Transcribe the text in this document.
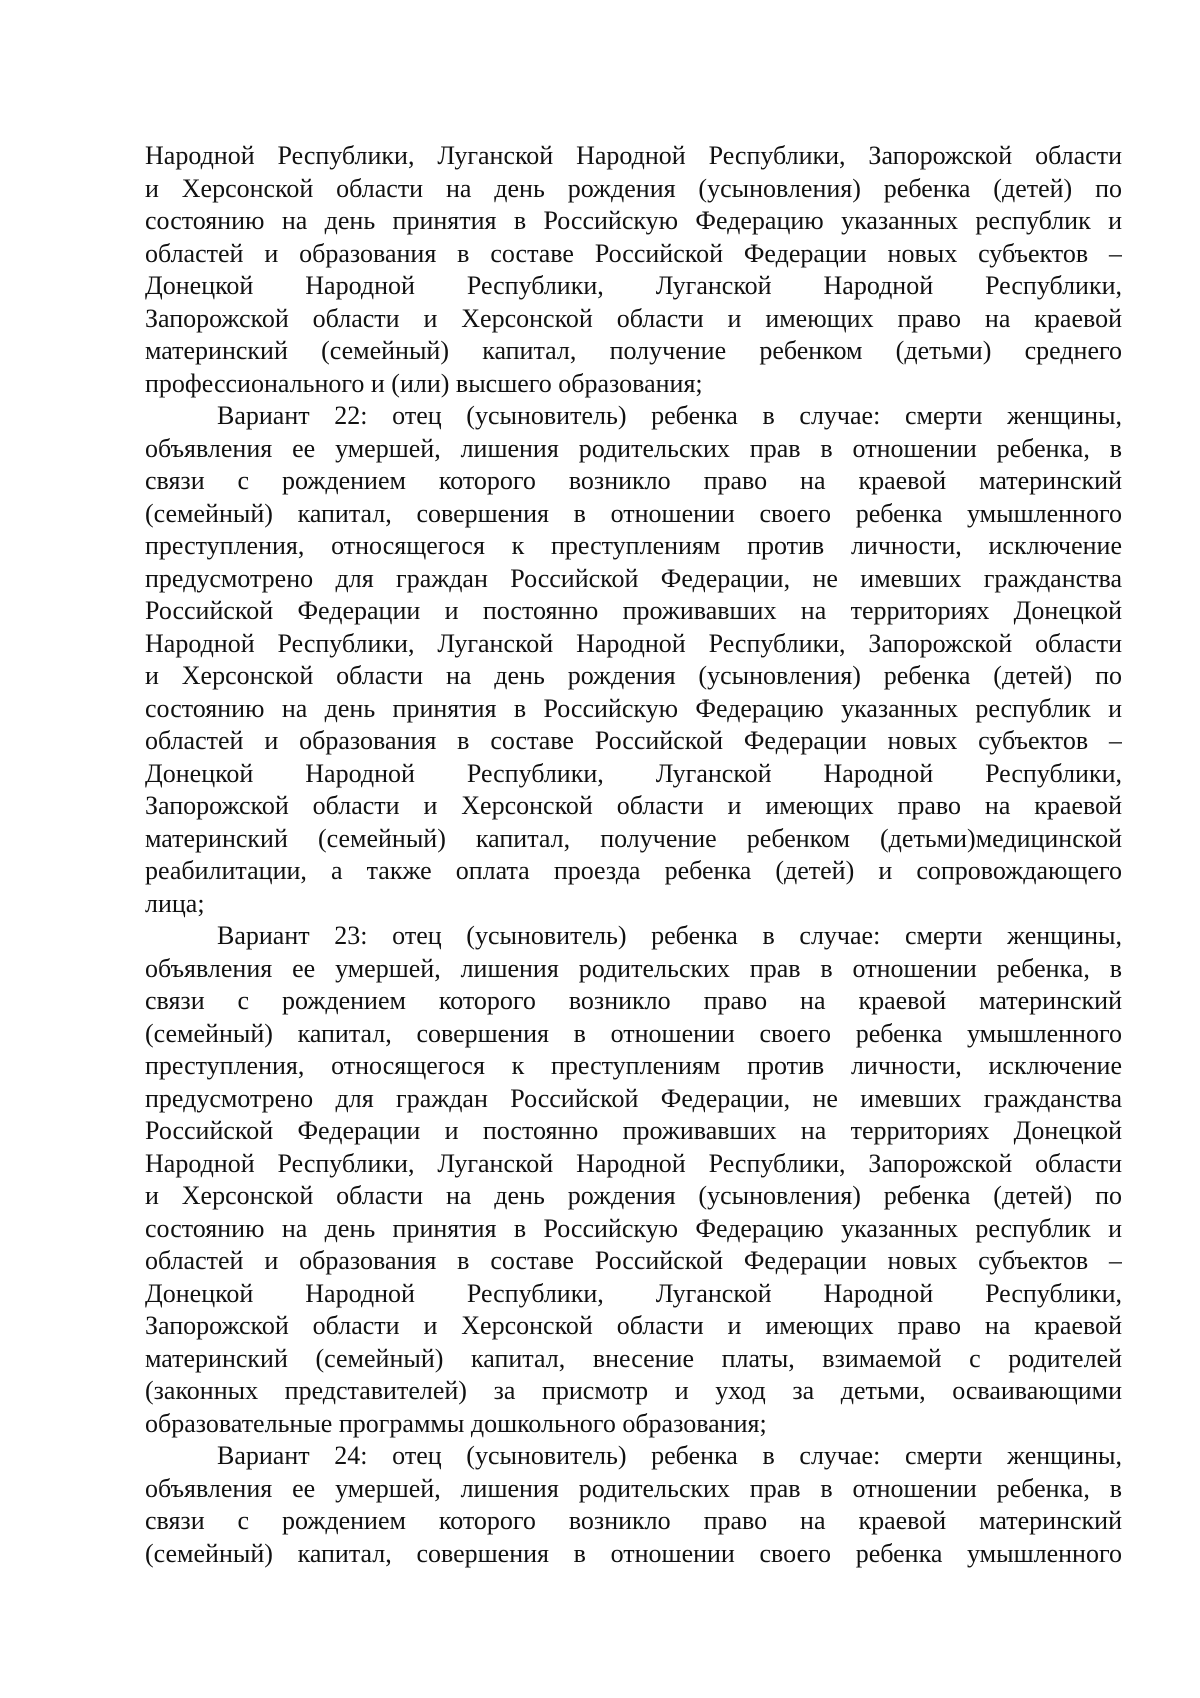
Народной Республики, Луганской Народной Республики, Запорожской области
и Херсонской области на день рождения (усыновления) ребенка (детей) по
состоянию на день принятия в Российскую Федерацию указанных республик и
областей и образования в составе Российской Федерации новых субъектов –
Донецкой Народной Республики, Луганской Народной Республики,
Запорожской области и Херсонской области и имеющих право на краевой
материнский (семейный) капитал, получение ребенком (детьми) среднего
профессионального и (или) высшего образования;
Вариант 22: отец (усыновитель) ребенка в случае: смерти женщины,
объявления ее умершей, лишения родительских прав в отношении ребенка, в
связи с рождением которого возникло право на краевой материнский
(семейный) капитал, совершения в отношении своего ребенка умышленного
преступления, относящегося к преступлениям против личности, исключение
предусмотрено для граждан Российской Федерации, не имевших гражданства
Российской Федерации и постоянно проживавших на территориях Донецкой
Народной Республики, Луганской Народной Республики, Запорожской области
и Херсонской области на день рождения (усыновления) ребенка (детей) по
состоянию на день принятия в Российскую Федерацию указанных республик и
областей и образования в составе Российской Федерации новых субъектов –
Донецкой Народной Республики, Луганской Народной Республики,
Запорожской области и Херсонской области и имеющих право на краевой
материнский (семейный) капитал, получение ребенком (детьми)медицинской
реабилитации, а также оплата проезда ребенка (детей) и сопровождающего
лица;
Вариант 23: отец (усыновитель) ребенка в случае: смерти женщины,
объявления ее умершей, лишения родительских прав в отношении ребенка, в
связи с рождением которого возникло право на краевой материнский
(семейный) капитал, совершения в отношении своего ребенка умышленного
преступления, относящегося к преступлениям против личности, исключение
предусмотрено для граждан Российской Федерации, не имевших гражданства
Российской Федерации и постоянно проживавших на территориях Донецкой
Народной Республики, Луганской Народной Республики, Запорожской области
и Херсонской области на день рождения (усыновления) ребенка (детей) по
состоянию на день принятия в Российскую Федерацию указанных республик и
областей и образования в составе Российской Федерации новых субъектов –
Донецкой Народной Республики, Луганской Народной Республики,
Запорожской области и Херсонской области и имеющих право на краевой
материнский (семейный) капитал, внесение платы, взимаемой с родителей
(законных представителей) за присмотр и уход за детьми, осваивающими
образовательные программы дошкольного образования;
Вариант 24: отец (усыновитель) ребенка в случае: смерти женщины,
объявления ее умершей, лишения родительских прав в отношении ребенка, в
связи с рождением которого возникло право на краевой материнский
(семейный) капитал, совершения в отношении своего ребенка умышленного
